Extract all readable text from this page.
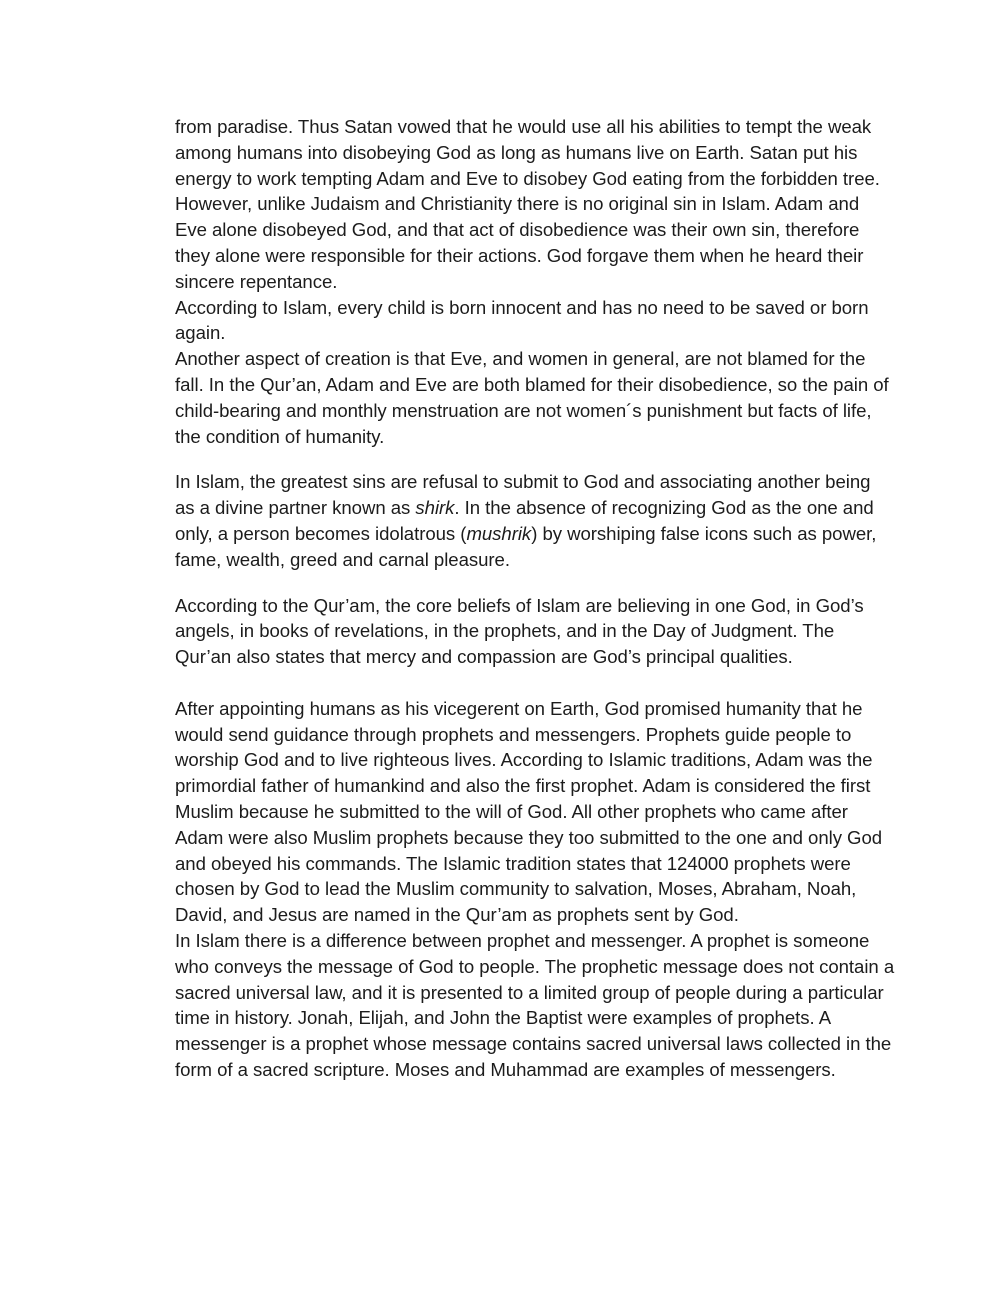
from paradise. Thus Satan vowed that he would use all his abilities to tempt the weak among humans into disobeying God as long as humans live on Earth. Satan put his energy to work tempting Adam and Eve to disobey God eating from the forbidden tree. However, unlike Judaism and Christianity there is no original sin in Islam. Adam and Eve alone disobeyed God, and that act of disobedience was their own sin, therefore they alone were responsible for their actions. God forgave them when he heard their sincere repentance.

According to Islam, every child is born innocent and has no need to be saved or born again.

Another aspect of creation is that Eve, and women in general, are not blamed for the fall. In the Qur’an, Adam and Eve are both blamed for their disobedience, so the pain of child-bearing and monthly menstruation are not women´s punishment but facts of life, the condition of humanity.

In Islam, the greatest sins are refusal to submit to God and associating another being as a divine partner known as shirk. In the absence of recognizing God as the one and only, a person becomes idolatrous (mushrik) by worshiping false icons such as power, fame, wealth, greed and carnal pleasure.

According to the Qur’am, the core beliefs of Islam are believing in one God, in God’s angels, in books of revelations, in the prophets, and in the Day of Judgment. The Qur’an also states that mercy and compassion are God’s principal qualities.

After appointing humans as his vicegerent on Earth, God promised humanity that he would send guidance through prophets and messengers. Prophets guide people to worship God and to live righteous lives. According to Islamic traditions, Adam was the primordial father of humankind and also the first prophet. Adam is considered the first Muslim because he submitted to the will of God. All other prophets who came after Adam were also Muslim prophets because they too submitted to the one and only God and obeyed his commands. The Islamic tradition states that 124000 prophets were chosen by God to lead the Muslim community to salvation, Moses, Abraham, Noah, David, and Jesus are named in the Qur’am as prophets sent by God.

In Islam there is a difference between prophet and messenger. A prophet is someone who conveys the message of God to people. The prophetic message does not contain a sacred universal law, and it is presented to a limited group of people during a particular time in history. Jonah, Elijah, and John the Baptist were examples of prophets. A messenger is a prophet whose message contains sacred universal laws collected in the form of a sacred scripture. Moses and Muhammad are examples of messengers.
